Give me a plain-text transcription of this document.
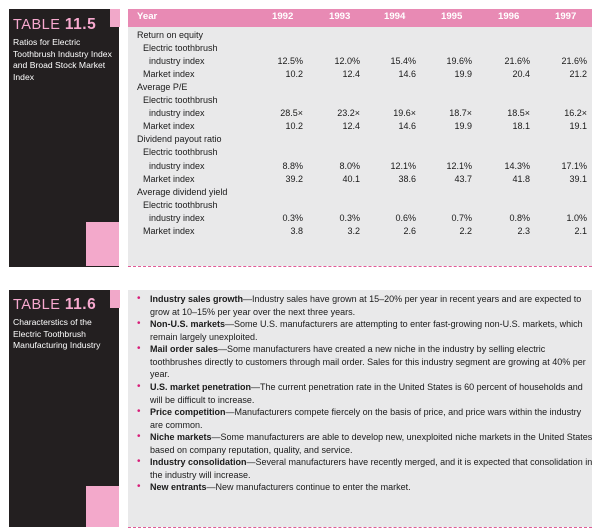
TABLE 11.5
Ratios for Electric Toothbrush Industry Index and Broad Stock Market Index
Year	1992	1993	1994	1995	1996	1997
Return on equity
Electric toothbrush
industry index	12.5%	12.0%	15.4%	19.6%	21.6%	21.6%
Market index	10.2	12.4	14.6	19.9	20.4	21.2
Average P/E
Electric toothbrush
industry index	28.5×	23.2×	19.6×	18.7×	18.5×	16.2×
Market index	10.2	12.4	14.6	19.9	18.1	19.1
Dividend payout ratio
Electric toothbrush
industry index	8.8%	8.0%	12.1%	12.1%	14.3%	17.1%
Market index	39.2	40.1	38.6	43.7	41.8	39.1
Average dividend yield
Electric toothbrush
industry index	0.3%	0.3%	0.6%	0.7%	0.8%	1.0%
Market index	3.8	3.2	2.6	2.2	2.3	2.1
TABLE 11.6
Characterstics of the Electric Toothbrush Manufacturing Industry
• Industry sales growth—Industry sales have grown at 15–20% per year in recent years and are expected to grow at 10–15% per year over the next three years.
• Non-U.S. markets—Some U.S. manufacturers are attempting to enter fast-growing non-U.S. markets, which remain largely unexploited.
• Mail order sales—Some manufacturers have created a new niche in the industry by selling electric toothbrushes directly to customers through mail order. Sales for this industry segment are growing at 40% per year.
• U.S. market penetration—The current penetration rate in the United States is 60 percent of households and will be difficult to increase.
• Price competition—Manufacturers compete fiercely on the basis of price, and price wars within the industry are common.
• Niche markets—Some manufacturers are able to develop new, unexploited niche markets in the United States based on company reputation, quality, and service.
• Industry consolidation—Several manufacturers have recently merged, and it is expected that consolidation in the industry will increase.
• New entrants—New manufacturers continue to enter the market.
